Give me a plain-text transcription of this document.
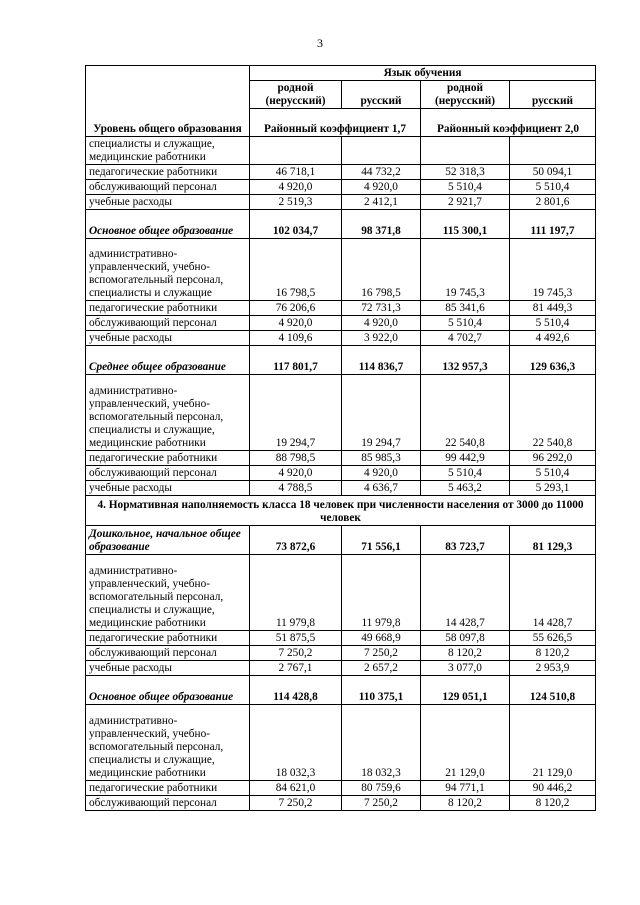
3
Уровень общего образования	Язык обучения			
	родной (нерусский)	русский	родной (нерусский)	русский
	Районный коэффициент 1,7		Районный коэффициент 2,0	
специалисты и служащие, медицинские работники				
педагогические работники	46 718,1	44 732,2	52 318,3	50 094,1
обслуживающий персонал	4 920,0	4 920,0	5 510,4	5 510,4
учебные расходы	2 519,3	2 412,1	2 921,7	2 801,6
Основное общее образование	102 034,7	98 371,8	115 300,1	111 197,7
административно-управленческий, учебно-вспомогательный персонал, специалисты и служащие	16 798,5	16 798,5	19 745,3	19 745,3
педагогические работники	76 206,6	72 731,3	85 341,6	81 449,3
обслуживающий персонал	4 920,0	4 920,0	5 510,4	5 510,4
учебные расходы	4 109,6	3 922,0	4 702,7	4 492,6
Среднее общее образование	117 801,7	114 836,7	132 957,3	129 636,3
административно-управленческий, учебно-вспомогательный персонал, специалисты и служащие, медицинские работники	19 294,7	19 294,7	22 540,8	22 540,8
педагогические работники	88 798,5	85 985,3	99 442,9	96 292,0
обслуживающий персонал	4 920,0	4 920,0	5 510,4	5 510,4
учебные расходы	4 788,5	4 636,7	5 463,2	5 293,1
4. Нормативная наполняемость класса 18 человек при численности населения от 3000 до 11000 человек				
Дошкольное, начальное общее образование	73 872,6	71 556,1	83 723,7	81 129,3
административно-управленческий, учебно-вспомогательный персонал, специалисты и служащие, медицинские работники	11 979,8	11 979,8	14 428,7	14 428,7
педагогические работники	51 875,5	49 668,9	58 097,8	55 626,5
обслуживающий персонал	7 250,2	7 250,2	8 120,2	8 120,2
учебные расходы	2 767,1	2 657,2	3 077,0	2 953,9
Основное общее образование	114 428,8	110 375,1	129 051,1	124 510,8
административно-управленческий, учебно-вспомогательный персонал, специалисты и служащие, медицинские работники	18 032,3	18 032,3	21 129,0	21 129,0
педагогические работники	84 621,0	80 759,6	94 771,1	90 446,2
обслуживающий персонал	7 250,2	7 250,2	8 120,2	8 120,2
